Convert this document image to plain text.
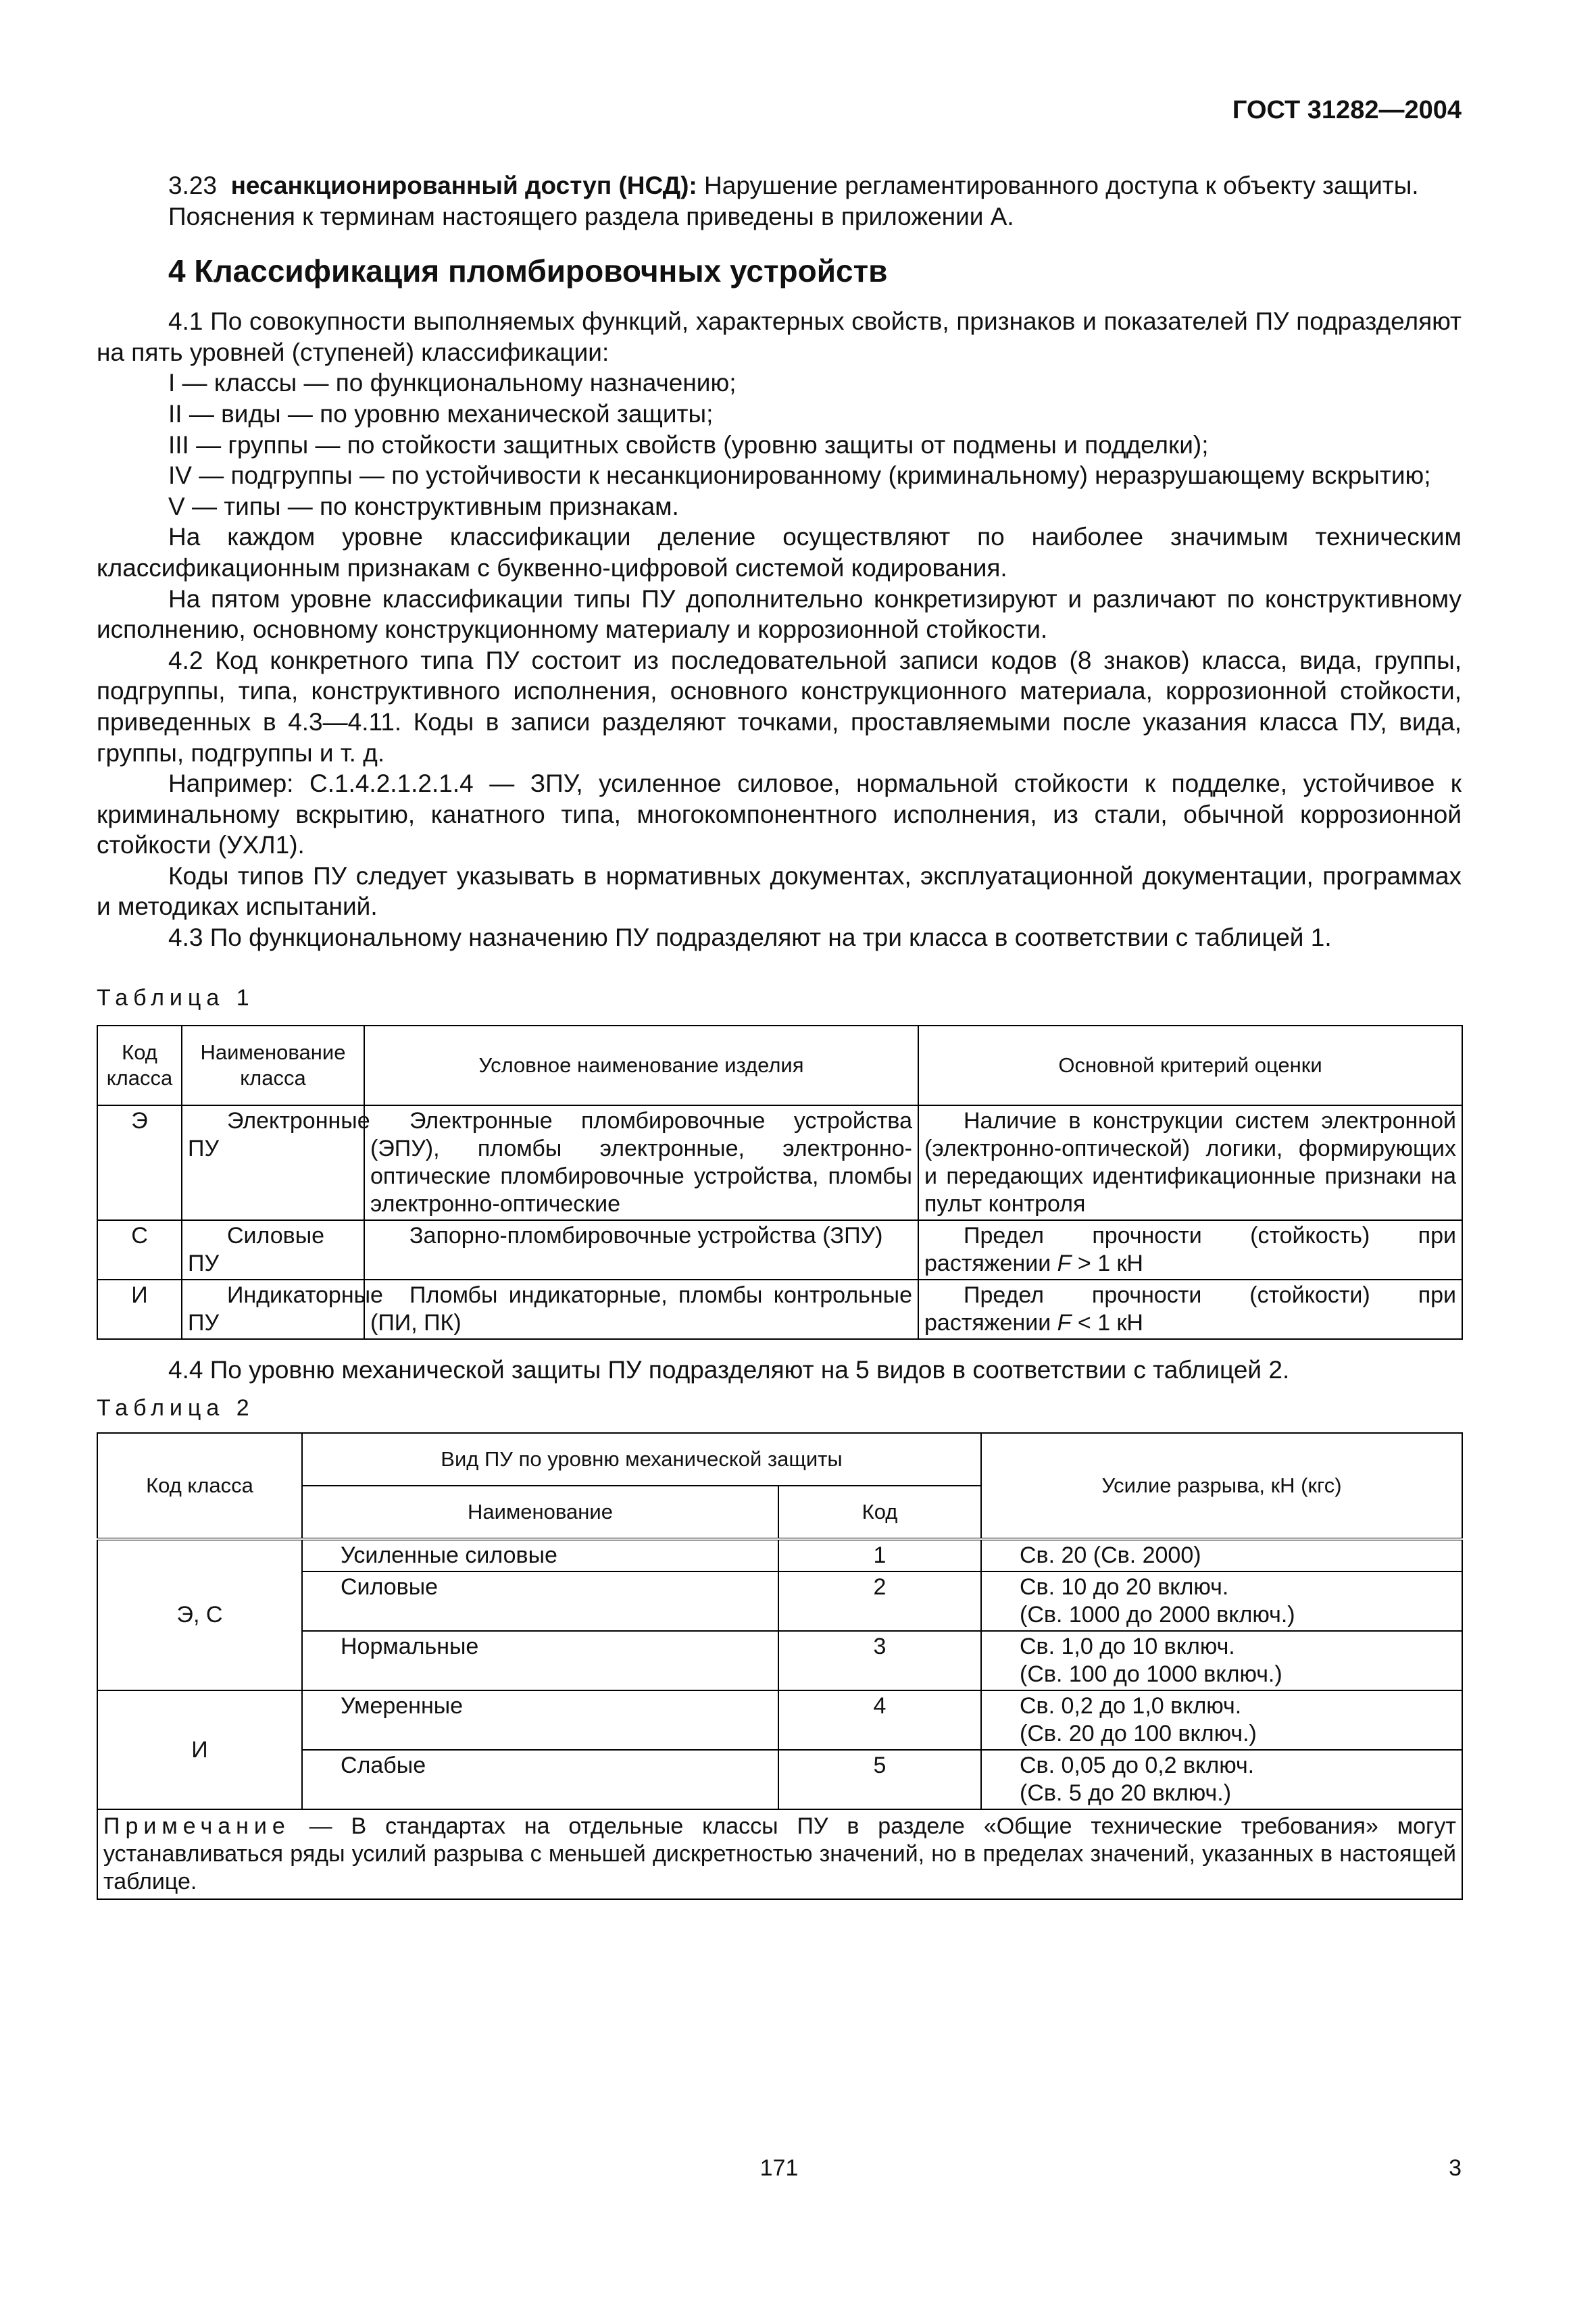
ГОСТ 31282—2004

3.23 несанкционированный доступ (НСД): Нарушение регламентированного доступа к объекту защиты.

Пояснения к терминам настоящего раздела приведены в приложении А.

4 Классификация пломбировочных устройств

4.1 По совокупности выполняемых функций, характерных свойств, признаков и показателей ПУ подразделяют на пять уровней (ступеней) классификации:

I — классы — по функциональному назначению;

II — виды — по уровню механической защиты;

III — группы — по стойкости защитных свойств (уровню защиты от подмены и подделки);

IV — подгруппы — по устойчивости к несанкционированному (криминальному) неразрушающему вскрытию;

V — типы — по конструктивным признакам.

На каждом уровне классификации деление осуществляют по наиболее значимым техническим классификационным признакам с буквенно-цифровой системой кодирования.

На пятом уровне классификации типы ПУ дополнительно конкретизируют и различают по конструктивному исполнению, основному конструкционному материалу и коррозионной стойкости.

4.2 Код конкретного типа ПУ состоит из последовательной записи кодов (8 знаков) класса, вида, группы, подгруппы, типа, конструктивного исполнения, основного конструкционного материала, коррозионной стойкости, приведенных в 4.3—4.11. Коды в записи разделяют точками, проставляемыми после указания класса ПУ, вида, группы, подгруппы и т. д.

Например: С.1.4.2.1.2.1.4 — ЗПУ, усиленное силовое, нормальной стойкости к подделке, устойчивое к криминальному вскрытию, канатного типа, многокомпонентного исполнения, из стали, обычной коррозионной стойкости (УХЛ1).

Коды типов ПУ следует указывать в нормативных документах, эксплуатационной документации, программах и методиках испытаний.

4.3 По функциональному назначению ПУ подразделяют на три класса в соответствии с таблицей 1.

Таблица 1

Код класса	Наименование класса	Условное наименование изделия	Основной критерий оценки
Э	Электронные ПУ	Электронные пломбировочные устройства (ЭПУ), пломбы электронные, электронно-оптические пломбировочные устройства, пломбы электронно-оптические	Наличие в конструкции систем электронной (электронно-оптической) логики, формирующих и передающих идентификационные признаки на пульт контроля
С	Силовые ПУ	Запорно-пломбировочные устройства (ЗПУ)	Предел прочности (стойкость) при растяжении F > 1 кН
И	Индикаторные ПУ	Пломбы индикаторные, пломбы контрольные (ПИ, ПК)	Предел прочности (стойкости) при растяжении F < 1 кН

4.4 По уровню механической защиты ПУ подразделяют на 5 видов в соответствии с таблицей 2.

Таблица 2

Код класса	Вид ПУ по уровню механической защиты		Усилие разрыва, кН (кгс)
	Наименование	Код	
Э, С	Усиленные силовые	1	Св. 20 (Св. 2000)

	Силовые	2	Св. 10 до 20 включ.
(Св. 1000 до 2000 включ.)

	Нормальные	3	Св. 1,0 до 10 включ.
(Св. 100 до 1000 включ.)

И	Умеренные	4	Св. 0,2 до 1,0 включ.
(Св. 20 до 100 включ.)

	Слабые	5	Св. 0,05 до 0,2 включ.
(Св. 5 до 20 включ.)

Примечание — В стандартах на отдельные классы ПУ в разделе «Общие технические требования» могут устанавливаться ряды усилий разрыва с меньшей дискретностью значений, но в пределах значений, указанных в настоящей таблице.			
171	3
